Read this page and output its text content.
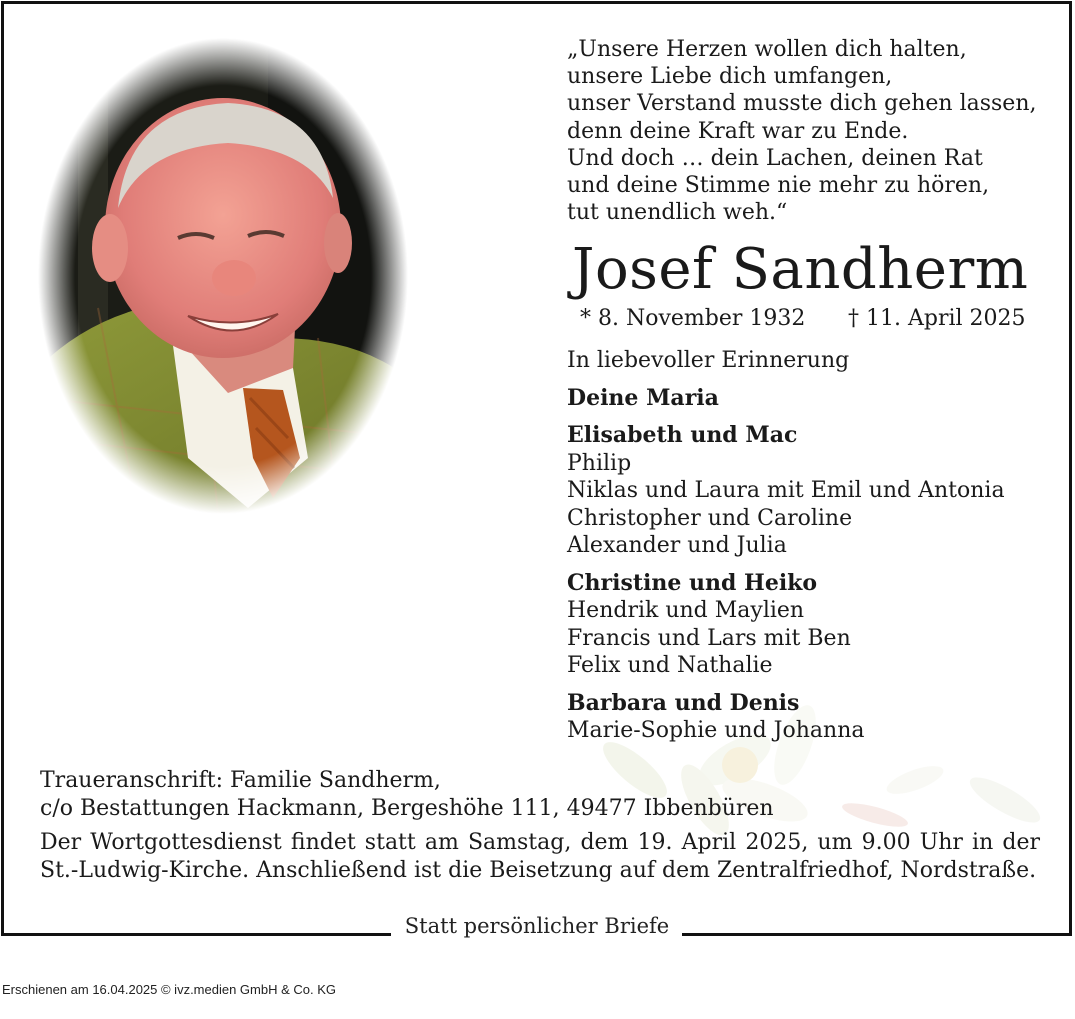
Statt persönlicher Briefe
„Unsere Herzen wollen dich halten,
unsere Liebe dich umfangen,
unser Verstand musste dich gehen lassen,
denn deine Kraft war zu Ende.
Und doch … dein Lachen, deinen Rat
und deine Stimme nie mehr zu hören,
tut unendlich weh.“
Josef Sandherm
* 8. November 1932 † 11. April 2025
In liebevoller Erinnerung
Deine Maria
Elisabeth und Mac
Philip
Niklas und Laura mit Emil und Antonia
Christopher und Caroline
Alexander und Julia
Christine und Heiko
Hendrik und Maylien
Francis und Lars mit Ben
Felix und Nathalie
Barbara und Denis
Marie-Sophie und Johanna
Traueranschrift: Familie Sandherm,
c/o Bestattungen Hackmann, Bergeshöhe 111, 49477 Ibbenbüren
Der Wortgottesdienst findet statt am Samstag, dem 19. April 2025, um 9.00 Uhr in der St.-Ludwig-Kirche. Anschließend ist die Beisetzung auf dem Zentralfriedhof, Nordstraße.
Erschienen am 16.04.2025 © ivz.medien GmbH & Co. KG
